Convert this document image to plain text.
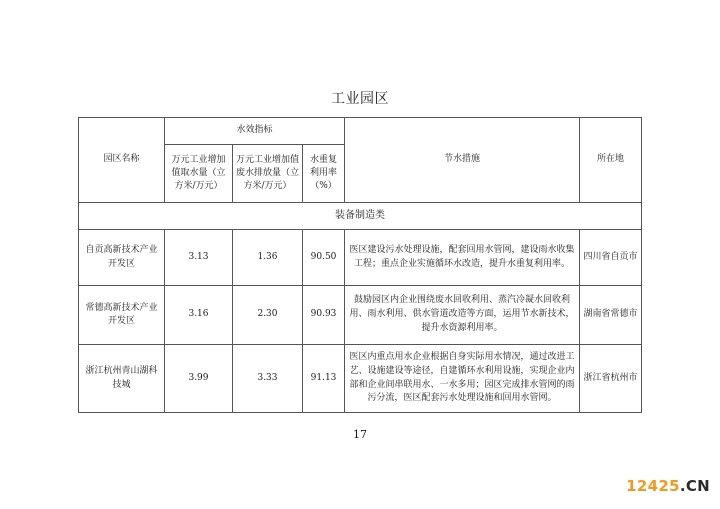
工业园区
园区名称	水效指标			节水措施	所在地
	万元工业增加值取水量（立方米/万元）	万元工业增加值废水排放量（立方米/万元）	水重复利用率（%）		
装备制造类					
自贡高新技术产业开发区	3.13	1.36	90.50	医区建设污水处理设施，配套回用水管网，建设雨水收集工程；重点企业实施循环水改造，提升水重复利用率。	四川省自贡市
常德高新技术产业开发区	3.16	2.30	90.93	鼓励园区内企业围绕废水回收利用、蒸汽冷凝水回收利用、雨水利用、供水管道改造等方面，运用节水新技术，提升水资源利用率。	湖南省常德市
浙江杭州青山湖科技城	3.99	3.33	91.13	医区内重点用水企业根据自身实际用水情况，通过改进工艺、设施建设等途径，自建循环水利用设施，实现企业内部和企业间串联用水、一水多用；园区完成排水管网的雨污分流，医区配套污水处理设施和回用水管网。	浙江省杭州市
17
12425.CN
